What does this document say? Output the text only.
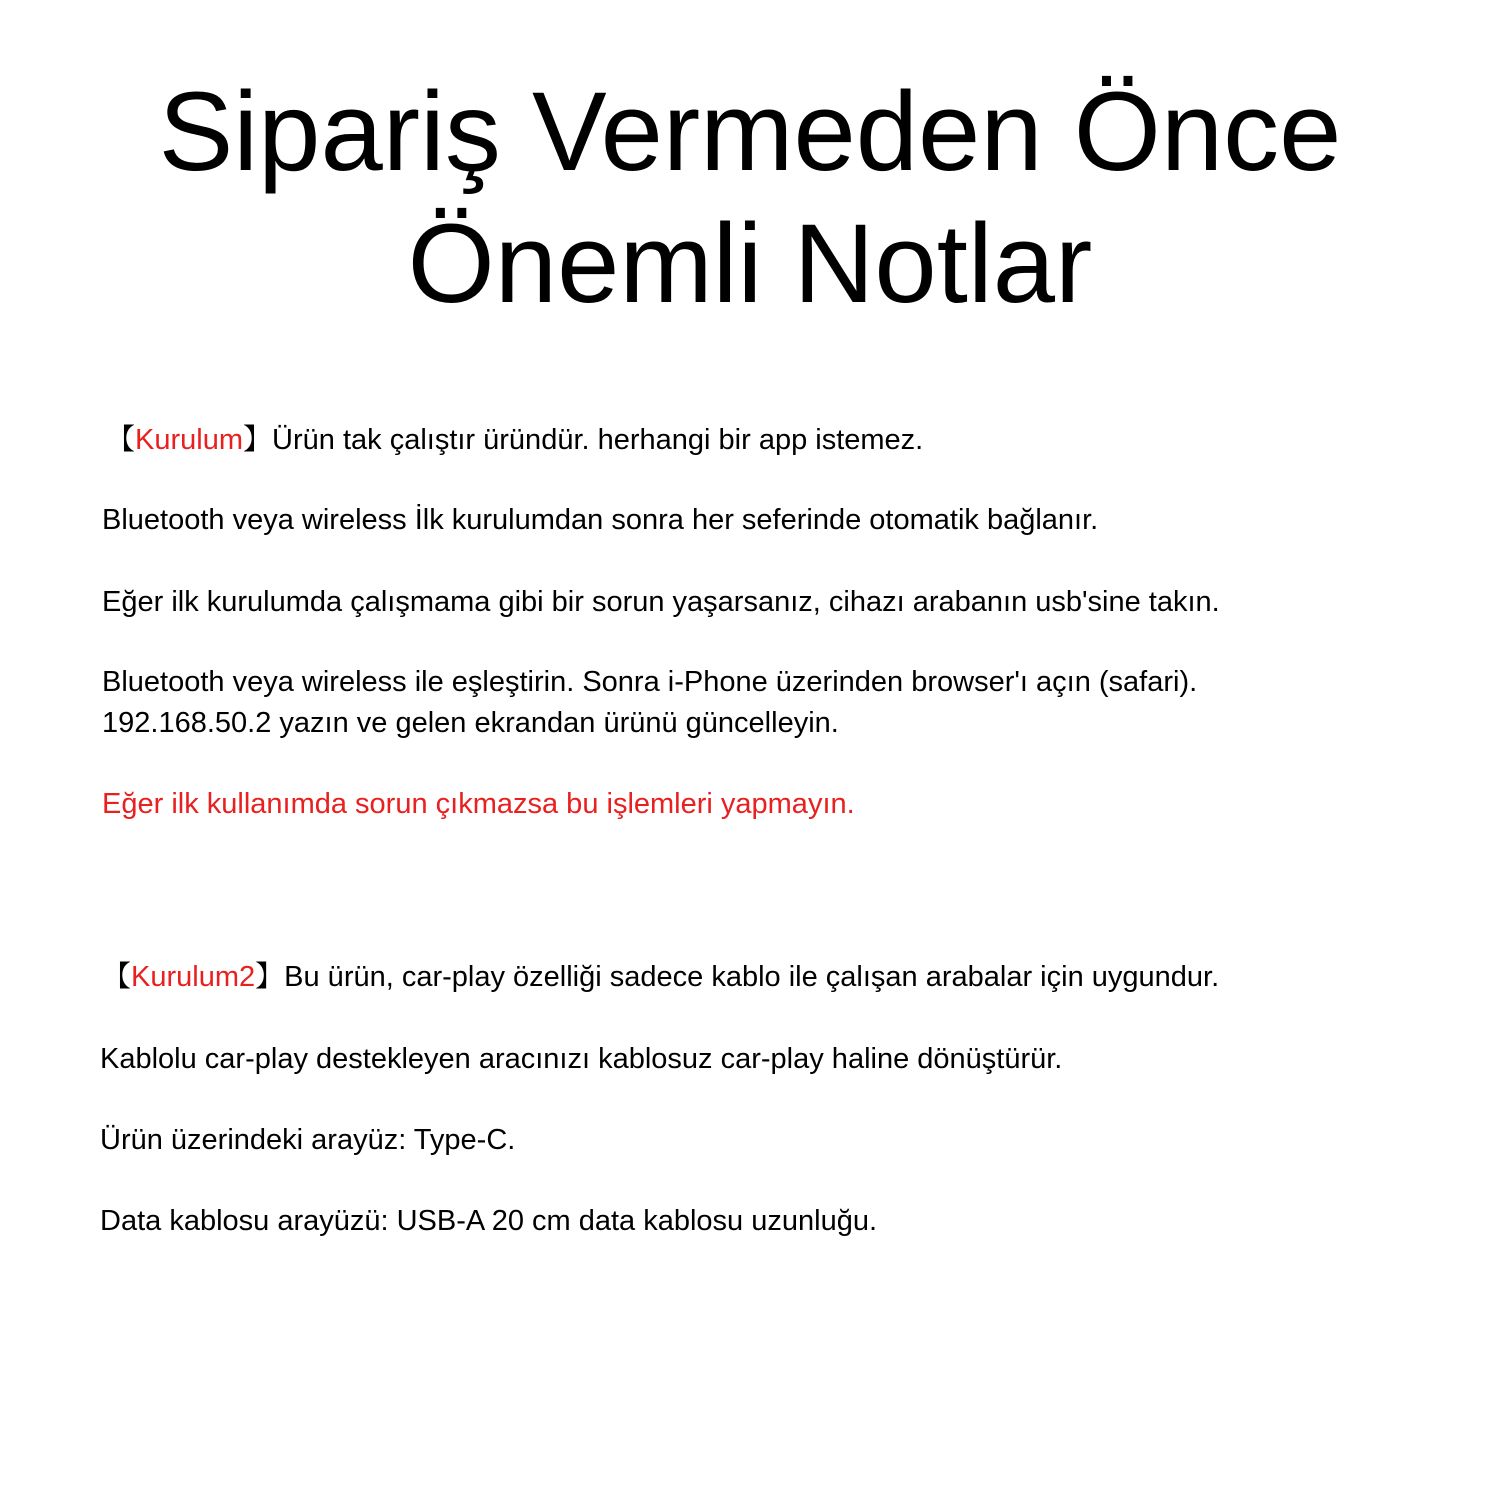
Sipariş Vermeden Önce
Önemli Notlar

【Kurulum】Ürün tak çalıştır üründür. herhangi bir app istemez.

Bluetooth veya wireless İlk kurulumdan sonra her seferinde otomatik bağlanır.

Eğer ilk kurulumda çalışmama gibi bir sorun yaşarsanız, cihazı arabanın usb'sine takın.

Bluetooth veya wireless ile eşleştirin. Sonra i-Phone üzerinden browser'ı açın (safari).

192.168.50.2 yazın ve gelen ekrandan ürünü güncelleyin.

Eğer ilk kullanımda sorun çıkmazsa bu işlemleri yapmayın.

【Kurulum2】Bu ürün, car-play özelliği sadece kablo ile çalışan arabalar için uygundur.

Kablolu car-play destekleyen aracınızı kablosuz car-play haline dönüştürür.

Ürün üzerindeki arayüz: Type-C.

Data kablosu arayüzü: USB-A 20 cm data kablosu uzunluğu.
